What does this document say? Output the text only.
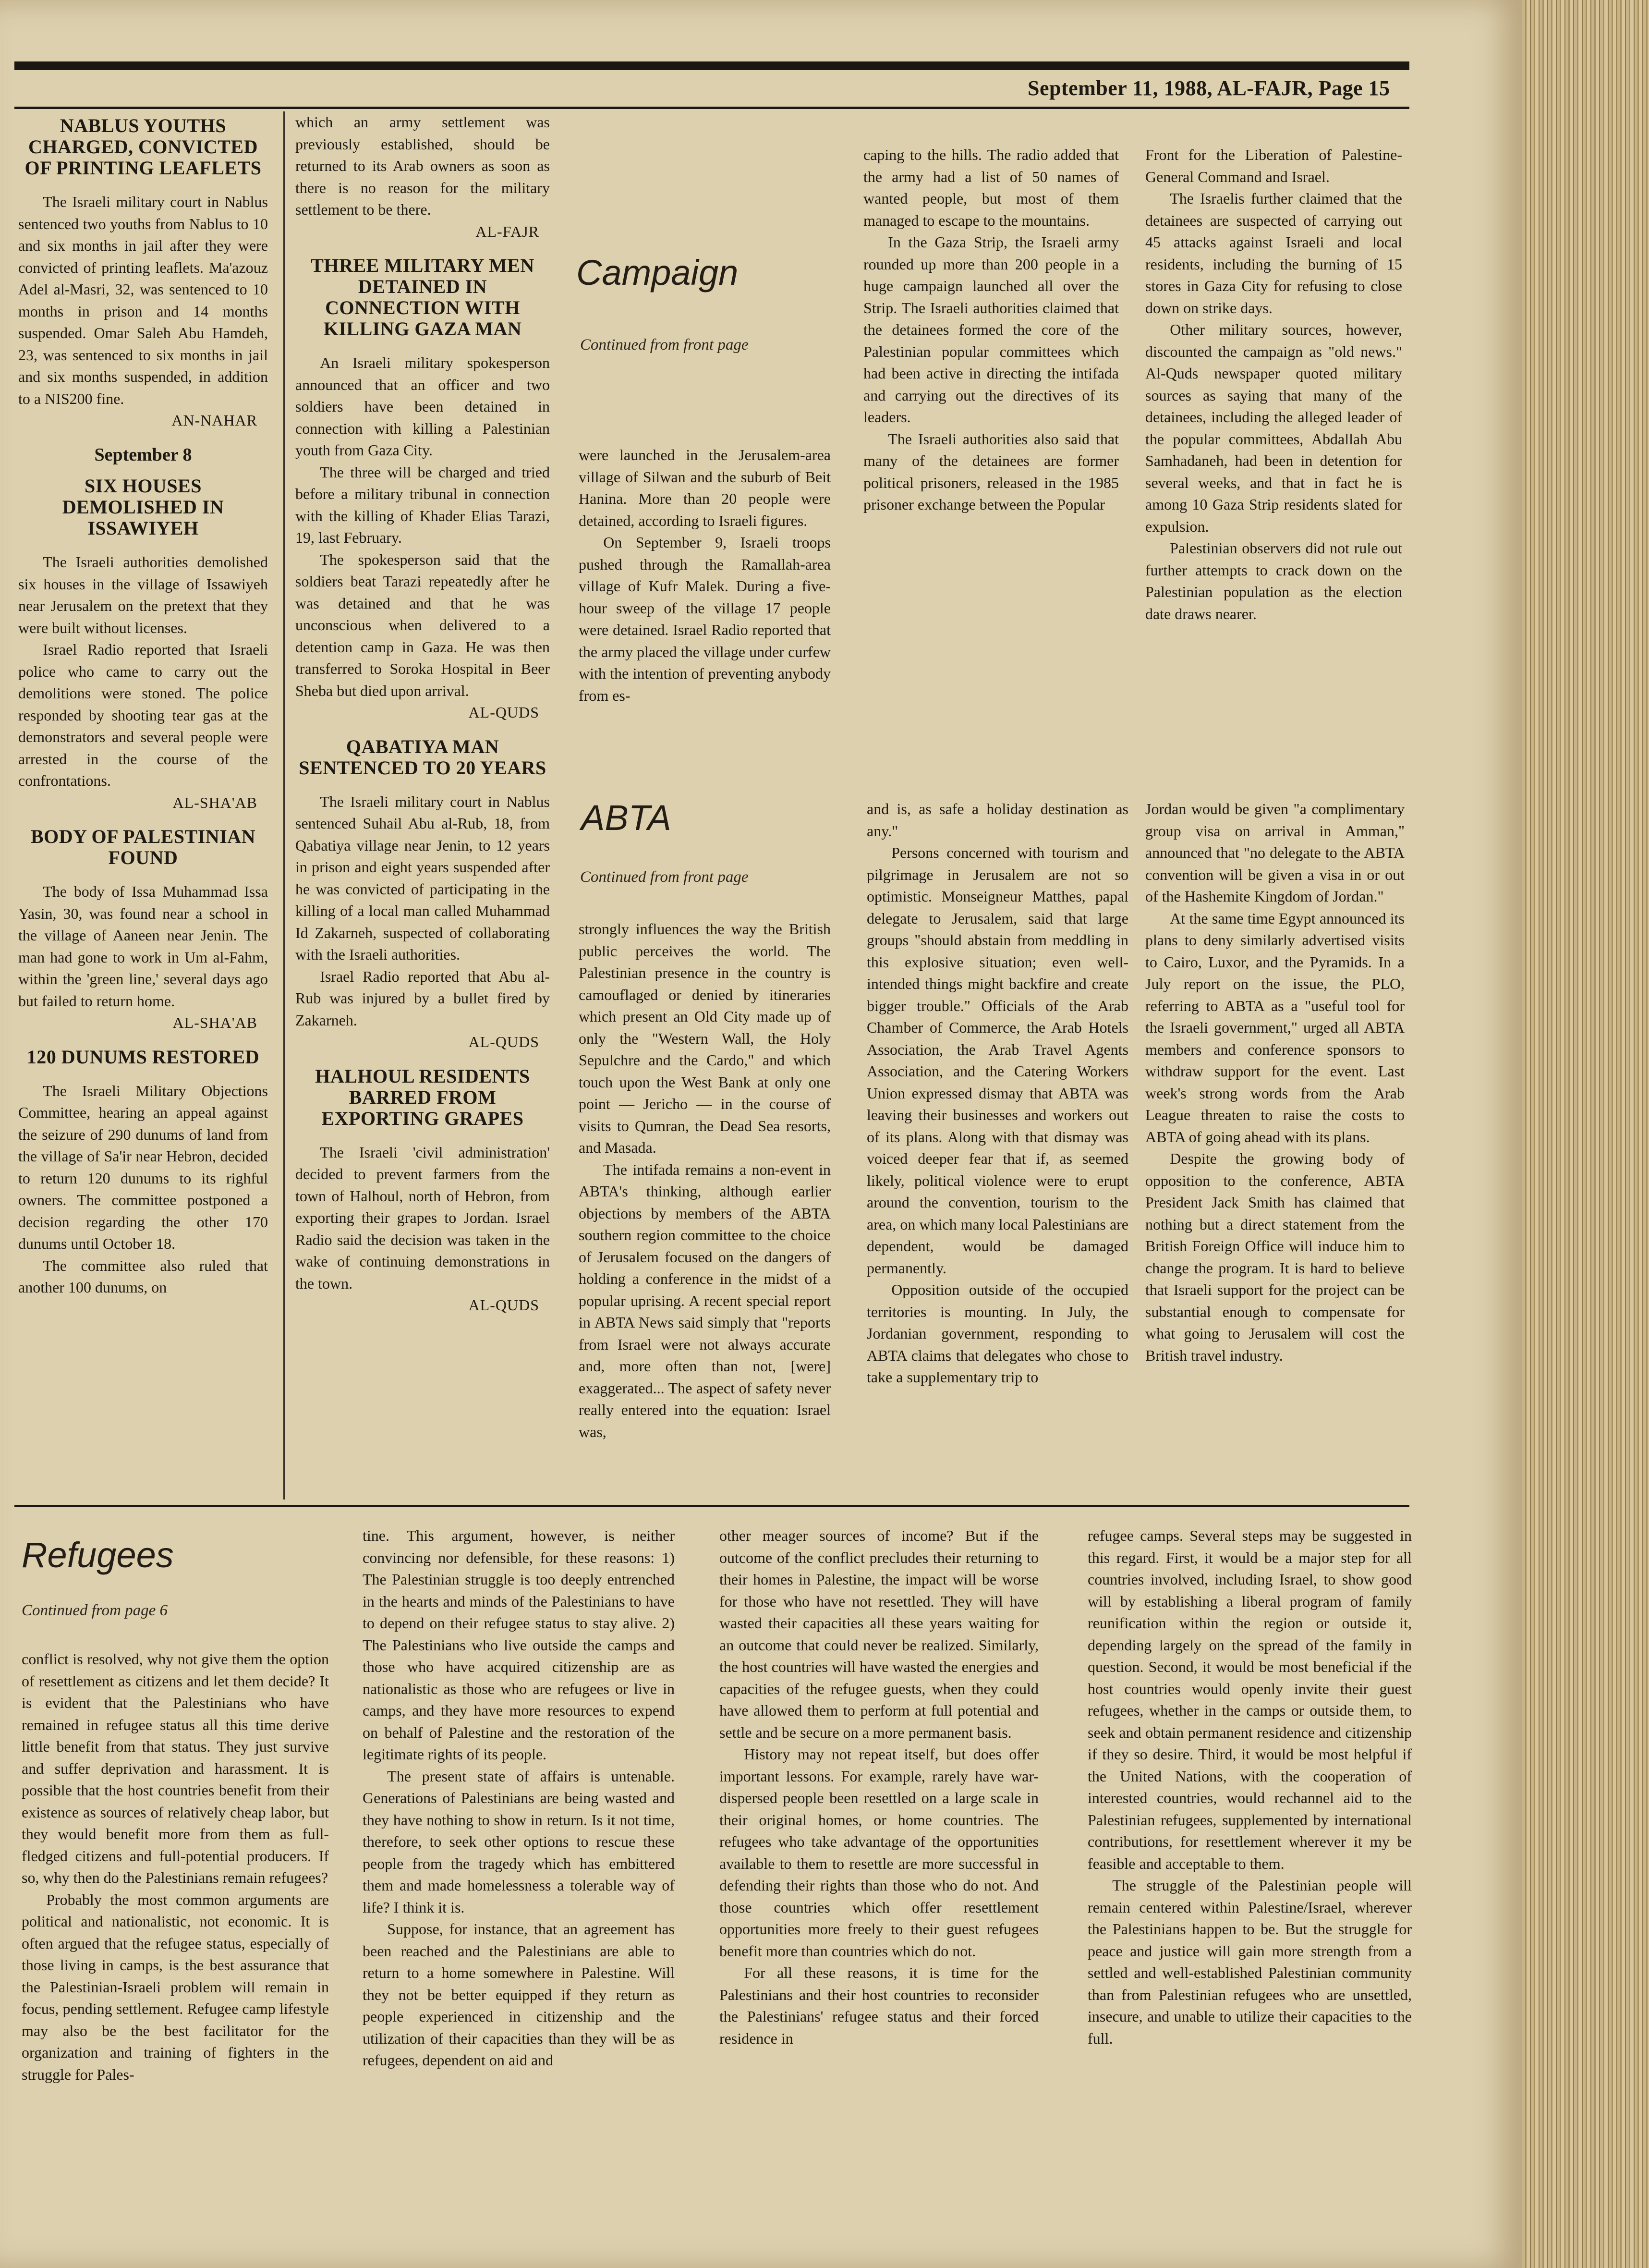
September 11, 1988, AL-FAJR, Page 15
NABLUS YOUTHS CHARGED, CONVICTED OF PRINTING LEAFLETS

The Israeli military court in Nablus sentenced two youths from Nablus to 10 and six months in jail after they were convicted of printing leaflets. Ma'azouz Adel al-Masri, 32, was sentenced to 10 months in prison and 14 months suspended. Omar Saleh Abu Hamdeh, 23, was sentenced to six months in jail and six months suspended, in addition to a NIS200 fine.

AN-NAHAR
September 8
SIX HOUSES DEMOLISHED IN ISSAWIYEH

The Israeli authorities demolished six houses in the village of Issawiyeh near Jerusalem on the pretext that they were built without licenses.

Israel Radio reported that Israeli police who came to carry out the demolitions were stoned. The police responded by shooting tear gas at the demonstrators and several people were arrested in the course of the confrontations.

AL-SHA'AB
BODY OF PALESTINIAN FOUND

The body of Issa Muhammad Issa Yasin, 30, was found near a school in the village of Aaneen near Jenin. The man had gone to work in Um al-Fahm, within the 'green line,' several days ago but failed to return home.

AL-SHA'AB
120 DUNUMS RESTORED

The Israeli Military Objections Committee, hearing an appeal against the seizure of 290 dunums of land from the village of Sa'ir near Hebron, decided to return 120 dunums to its righful owners. The committee postponed a decision regarding the other 170 dunums until October 18.

The committee also ruled that another 100 dunums, on

which an army settlement was previously established, should be returned to its Arab owners as soon as there is no reason for the military settlement to be there.

AL-FAJR
THREE MILITARY MEN DETAINED IN CONNECTION WITH KILLING GAZA MAN

An Israeli military spokesperson announced that an officer and two soldiers have been detained in connection with killing a Palestinian youth from Gaza City.

The three will be charged and tried before a military tribunal in connection with the killing of Khader Elias Tarazi, 19, last February.

The spokesperson said that the soldiers beat Tarazi repeatedly after he was detained and that he was unconscious when delivered to a detention camp in Gaza. He was then transferred to Soroka Hospital in Beer Sheba but died upon arrival.

AL-QUDS
QABATIYA MAN SENTENCED TO 20 YEARS

The Israeli military court in Nablus sentenced Suhail Abu al-Rub, 18, from Qabatiya village near Jenin, to 12 years in prison and eight years suspended after he was convicted of participating in the killing of a local man called Muhammad Id Zakarneh, suspected of collaborating with the Israeli authorities.

Israel Radio reported that Abu al-Rub was injured by a bullet fired by Zakarneh.

AL-QUDS
HALHOUL RESIDENTS BARRED FROM EXPORTING GRAPES

The Israeli 'civil administration' decided to prevent farmers from the town of Halhoul, north of Hebron, from exporting their grapes to Jordan. Israel Radio said the decision was taken in the wake of continuing demonstrations in the town.

AL-QUDS
Campaign
Continued from front page

were launched in the Jerusalem-area village of Silwan and the suburb of Beit Hanina. More than 20 people were detained, according to Israeli figures.

On September 9, Israeli troops pushed through the Ramallah-area village of Kufr Malek. During a five-hour sweep of the village 17 people were detained. Israel Radio reported that the army placed the village under curfew with the intention of preventing anybody from es-

caping to the hills. The radio added that the army had a list of 50 names of wanted people, but most of them managed to escape to the mountains.

In the Gaza Strip, the Israeli army rounded up more than 200 people in a huge campaign launched all over the Strip. The Israeli authorities claimed that the detainees formed the core of the Palestinian popular committees which had been active in directing the intifada and carrying out the directives of its leaders.

The Israeli authorities also said that many of the detainees are former political prisoners, released in the 1985 prisoner exchange between the Popular

Front for the Liberation of Palestine-General Command and Israel.

The Israelis further claimed that the detainees are suspected of carrying out 45 attacks against Israeli and local residents, including the burning of 15 stores in Gaza City for refusing to close down on strike days.

Other military sources, however, discounted the campaign as "old news." Al-Quds newspaper quoted military sources as saying that many of the detainees, including the alleged leader of the popular committees, Abdallah Abu Samhadaneh, had been in detention for several weeks, and that in fact he is among 10 Gaza Strip residents slated for expulsion.

Palestinian observers did not rule out further attempts to crack down on the Palestinian population as the election date draws nearer.

ABTA
Continued from front page

strongly influences the way the British public perceives the world. The Palestinian presence in the country is camouflaged or denied by itineraries which present an Old City made up of only the "Western Wall, the Holy Sepulchre and the Cardo," and which touch upon the West Bank at only one point — Jericho — in the course of visits to Qumran, the Dead Sea resorts, and Masada.

The intifada remains a non-event in ABTA's thinking, although earlier objections by members of the ABTA southern region committee to the choice of Jerusalem focused on the dangers of holding a conference in the midst of a popular uprising. A recent special report in ABTA News said simply that "reports from Israel were not always accurate and, more often than not, [were] exaggerated... The aspect of safety never really entered into the equation: Israel was,

and is, as safe a holiday destination as any."

Persons concerned with tourism and pilgrimage in Jerusalem are not so optimistic. Monseigneur Matthes, papal delegate to Jerusalem, said that large groups "should abstain from meddling in this explosive situation; even well-intended things might backfire and create bigger trouble." Officials of the Arab Chamber of Commerce, the Arab Hotels Association, the Arab Travel Agents Association, and the Catering Workers Union expressed dismay that ABTA was leaving their businesses and workers out of its plans. Along with that dismay was voiced deeper fear that if, as seemed likely, political violence were to erupt around the convention, tourism to the area, on which many local Palestinians are dependent, would be damaged permanently.

Opposition outside of the occupied territories is mounting. In July, the Jordanian government, responding to ABTA claims that delegates who chose to take a supplementary trip to

Jordan would be given "a complimentary group visa on arrival in Amman," announced that "no delegate to the ABTA convention will be given a visa in or out of the Hashemite Kingdom of Jordan."

At the same time Egypt announced its plans to deny similarly advertised visits to Cairo, Luxor, and the Pyramids. In a July report on the issue, the PLO, referring to ABTA as a "useful tool for the Israeli government," urged all ABTA members and conference sponsors to withdraw support for the event. Last week's strong words from the Arab League threaten to raise the costs to ABTA of going ahead with its plans.

Despite the growing body of opposition to the conference, ABTA President Jack Smith has claimed that nothing but a direct statement from the British Foreign Office will induce him to change the program. It is hard to believe that Israeli support for the project can be substantial enough to compensate for what going to Jerusalem will cost the British travel industry.

Refugees
Continued from page 6

conflict is resolved, why not give them the option of resettlement as citizens and let them decide? It is evident that the Palestinians who have remained in refugee status all this time derive little benefit from that status. They just survive and suffer deprivation and harassment. It is possible that the host countries benefit from their existence as sources of relatively cheap labor, but they would benefit more from them as full-fledged citizens and full-potential producers. If so, why then do the Palestinians remain refugees?

Probably the most common arguments are political and nationalistic, not economic. It is often argued that the refugee status, especially of those living in camps, is the best assurance that the Palestinian-Israeli problem will remain in focus, pending settlement. Refugee camp lifestyle may also be the best facilitator for the organization and training of fighters in the struggle for Pales-

tine. This argument, however, is neither convincing nor defensible, for these reasons: 1) The Palestinian struggle is too deeply entrenched in the hearts and minds of the Palestinians to have to depend on their refugee status to stay alive. 2) The Palestinians who live outside the camps and those who have acquired citizenship are as nationalistic as those who are refugees or live in camps, and they have more resources to expend on behalf of Palestine and the restoration of the legitimate rights of its people.

The present state of affairs is untenable. Generations of Palestinians are being wasted and they have nothing to show in return. Is it not time, therefore, to seek other options to rescue these people from the tragedy which has embittered them and made homelessness a tolerable way of life? I think it is.

Suppose, for instance, that an agreement has been reached and the Palestinians are able to return to a home somewhere in Palestine. Will they not be better equipped if they return as people experienced in citizenship and the utilization of their capacities than they will be as refugees, dependent on aid and

other meager sources of income? But if the outcome of the conflict precludes their returning to their homes in Palestine, the impact will be worse for those who have not resettled. They will have wasted their capacities all these years waiting for an outcome that could never be realized. Similarly, the host countries will have wasted the energies and capacities of the refugee guests, when they could have allowed them to perform at full potential and settle and be secure on a more permanent basis.

History may not repeat itself, but does offer important lessons. For example, rarely have war-dispersed people been resettled on a large scale in their original homes, or home countries. The refugees who take advantage of the opportunities available to them to resettle are more successful in defending their rights than those who do not. And those countries which offer resettlement opportunities more freely to their guest refugees benefit more than countries which do not.

For all these reasons, it is time for the Palestinians and their host countries to reconsider the Palestinians' refugee status and their forced residence in

refugee camps. Several steps may be suggested in this regard. First, it would be a major step for all countries involved, including Israel, to show good will by establishing a liberal program of family reunification within the region or outside it, depending largely on the spread of the family in question. Second, it would be most beneficial if the host countries would openly invite their guest refugees, whether in the camps or outside them, to seek and obtain permanent residence and citizenship if they so desire. Third, it would be most helpful if the United Nations, with the cooperation of interested countries, would rechannel aid to the Palestinian refugees, supplemented by international contributions, for resettlement wherever it my be feasible and acceptable to them.

The struggle of the Palestinian people will remain centered within Palestine/Israel, wherever the Palestinians happen to be. But the struggle for peace and justice will gain more strength from a settled and well-established Palestinian community than from Palestinian refugees who are unsettled, insecure, and unable to utilize their capacities to the full.
